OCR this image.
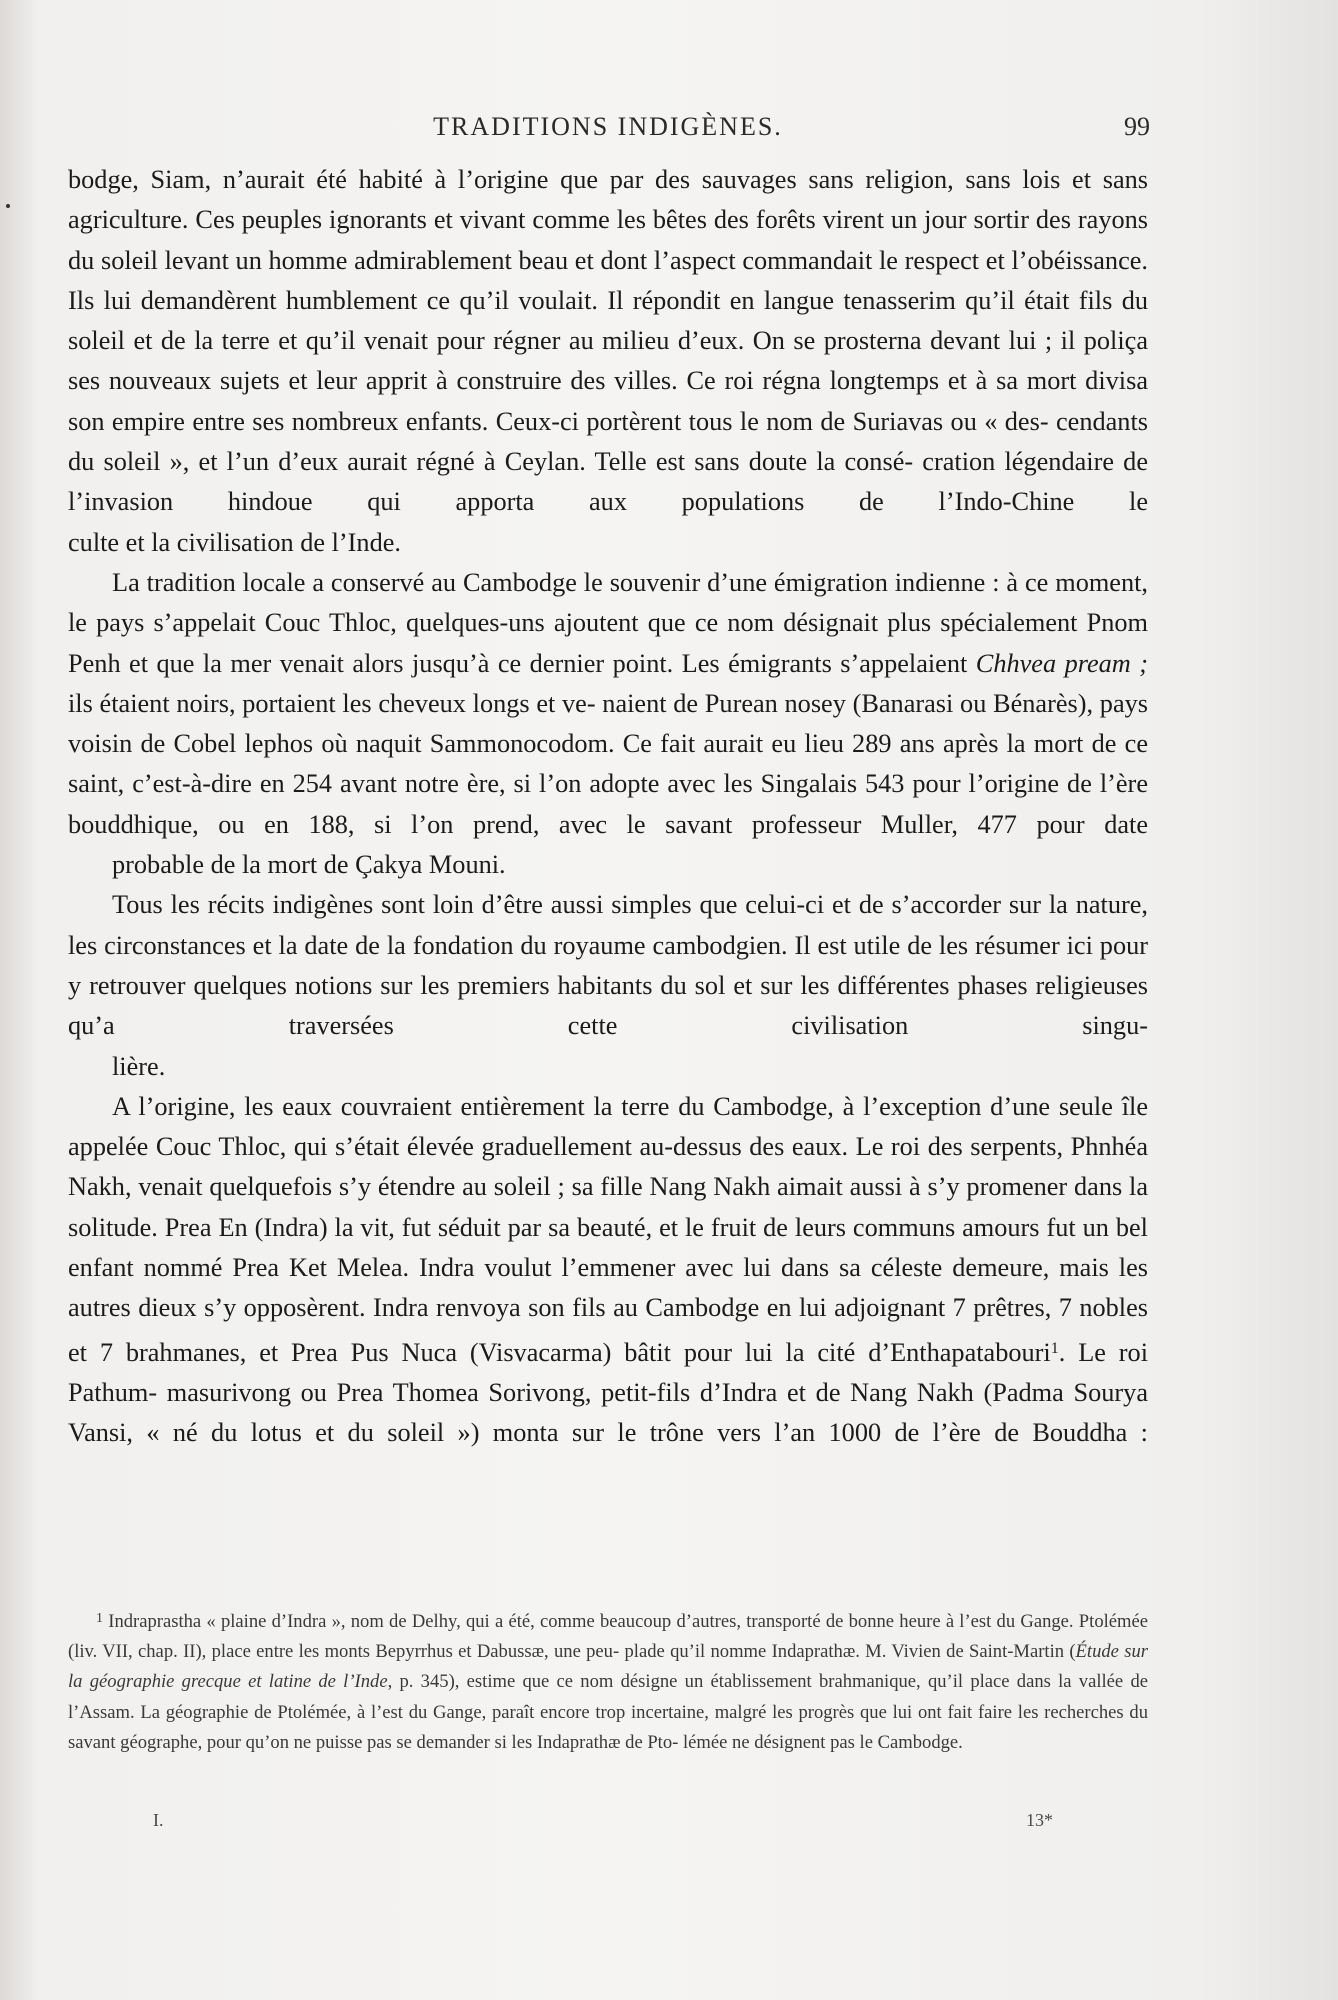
TRADITIONS INDIGÈNES.	99

bodge, Siam, n’aurait été habité à l’origine que par des sauvages sans religion, sans lois et sans agriculture. Ces peuples ignorants et vivant comme les bêtes des forêts virent un jour sortir des rayons du soleil levant un homme admirablement beau et dont l’aspect commandait le respect et l’obéissance. Ils lui demandèrent humblement ce qu’il voulait. Il répondit en langue tenasserim qu’il était fils du soleil et de la terre et qu’il venait pour régner au milieu d’eux. On se prosterna devant lui ; il poliça ses nouveaux sujets et leur apprit à construire des villes. Ce roi régna longtemps et à sa mort divisa son empire entre ses nombreux enfants. Ceux-ci portèrent tous le nom de Suriavas ou « des- cendants du soleil », et l’un d’eux aurait régné à Ceylan. Telle est sans doute la consé- cration légendaire de l’invasion hindoue qui apporta aux populations de l’Indo-Chine le
culte et la civilisation de l’Inde.

La tradition locale a conservé au Cambodge le souvenir d’une émigration indienne : à ce moment, le pays s’appelait Couc Thloc, quelques-uns ajoutent que ce nom désignait plus spécialement Pnom Penh et que la mer venait alors jusqu’à ce dernier point. Les émigrants s’appelaient Chhvea pream ; ils étaient noirs, portaient les cheveux longs et ve- naient de Purean nosey (Banarasi ou Bénarès), pays voisin de Cobel lephos où naquit Sammonocodom. Ce fait aurait eu lieu 289 ans après la mort de ce saint, c’est-à-dire en 254 avant notre ère, si l’on adopte avec les Singalais 543 pour l’origine de l’ère bouddhique, ou en 188, si l’on prend, avec le savant professeur Muller, 477 pour date
probable de la mort de Çakya Mouni.

Tous les récits indigènes sont loin d’être aussi simples que celui-ci et de s’accorder sur la nature, les circonstances et la date de la fondation du royaume cambodgien. Il est utile de les résumer ici pour y retrouver quelques notions sur les premiers habitants du sol et sur les différentes phases religieuses qu’a traversées cette civilisation singu-
lière.

A l’origine, les eaux couvraient entièrement la terre du Cambodge, à l’exception d’une seule île appelée Couc Thloc, qui s’était élevée graduellement au-dessus des eaux. Le roi des serpents, Phnhéa Nakh, venait quelquefois s’y étendre au soleil ; sa fille Nang Nakh aimait aussi à s’y promener dans la solitude. Prea En (Indra) la vit, fut séduit par sa beauté, et le fruit de leurs communs amours fut un bel enfant nommé Prea Ket Melea. Indra voulut l’emmener avec lui dans sa céleste demeure, mais les autres dieux s’y opposèrent. Indra renvoya son fils au Cambodge en lui adjoignant 7 prêtres, 7 nobles et 7 brahmanes, et Prea Pus Nuca (Visvacarma) bâtit pour lui la cité d’Enthapatabouri$^1$. Le roi Pathum- masurivong ou Prea Thomea Sorivong, petit-fils d’Indra et de Nang Nakh (Padma Sourya Vansi, « né du lotus et du soleil ») monta sur le trône vers l’an 1000 de l’ère de Bouddha :

$^1$ Indraprastha « plaine d’Indra », nom de Delhy, qui a été, comme beaucoup d’autres, transporté de bonne heure à l’est du Gange. Ptolémée (liv. VII, chap. II), place entre les monts Bepyrrhus et Dabussæ, une peu- plade qu’il nomme Indaprathæ. M. Vivien de Saint-Martin (Étude sur la géographie grecque et latine de l’Inde, p. 345), estime que ce nom désigne un établissement brahmanique, qu’il place dans la vallée de l’Assam. La géographie de Ptolémée, à l’est du Gange, paraît encore trop incertaine, malgré les progrès que lui ont fait faire les recherches du savant géographe, pour qu’on ne puisse pas se demander si les Indaprathæ de Pto- lémée ne désignent pas le Cambodge.

I.	13*
